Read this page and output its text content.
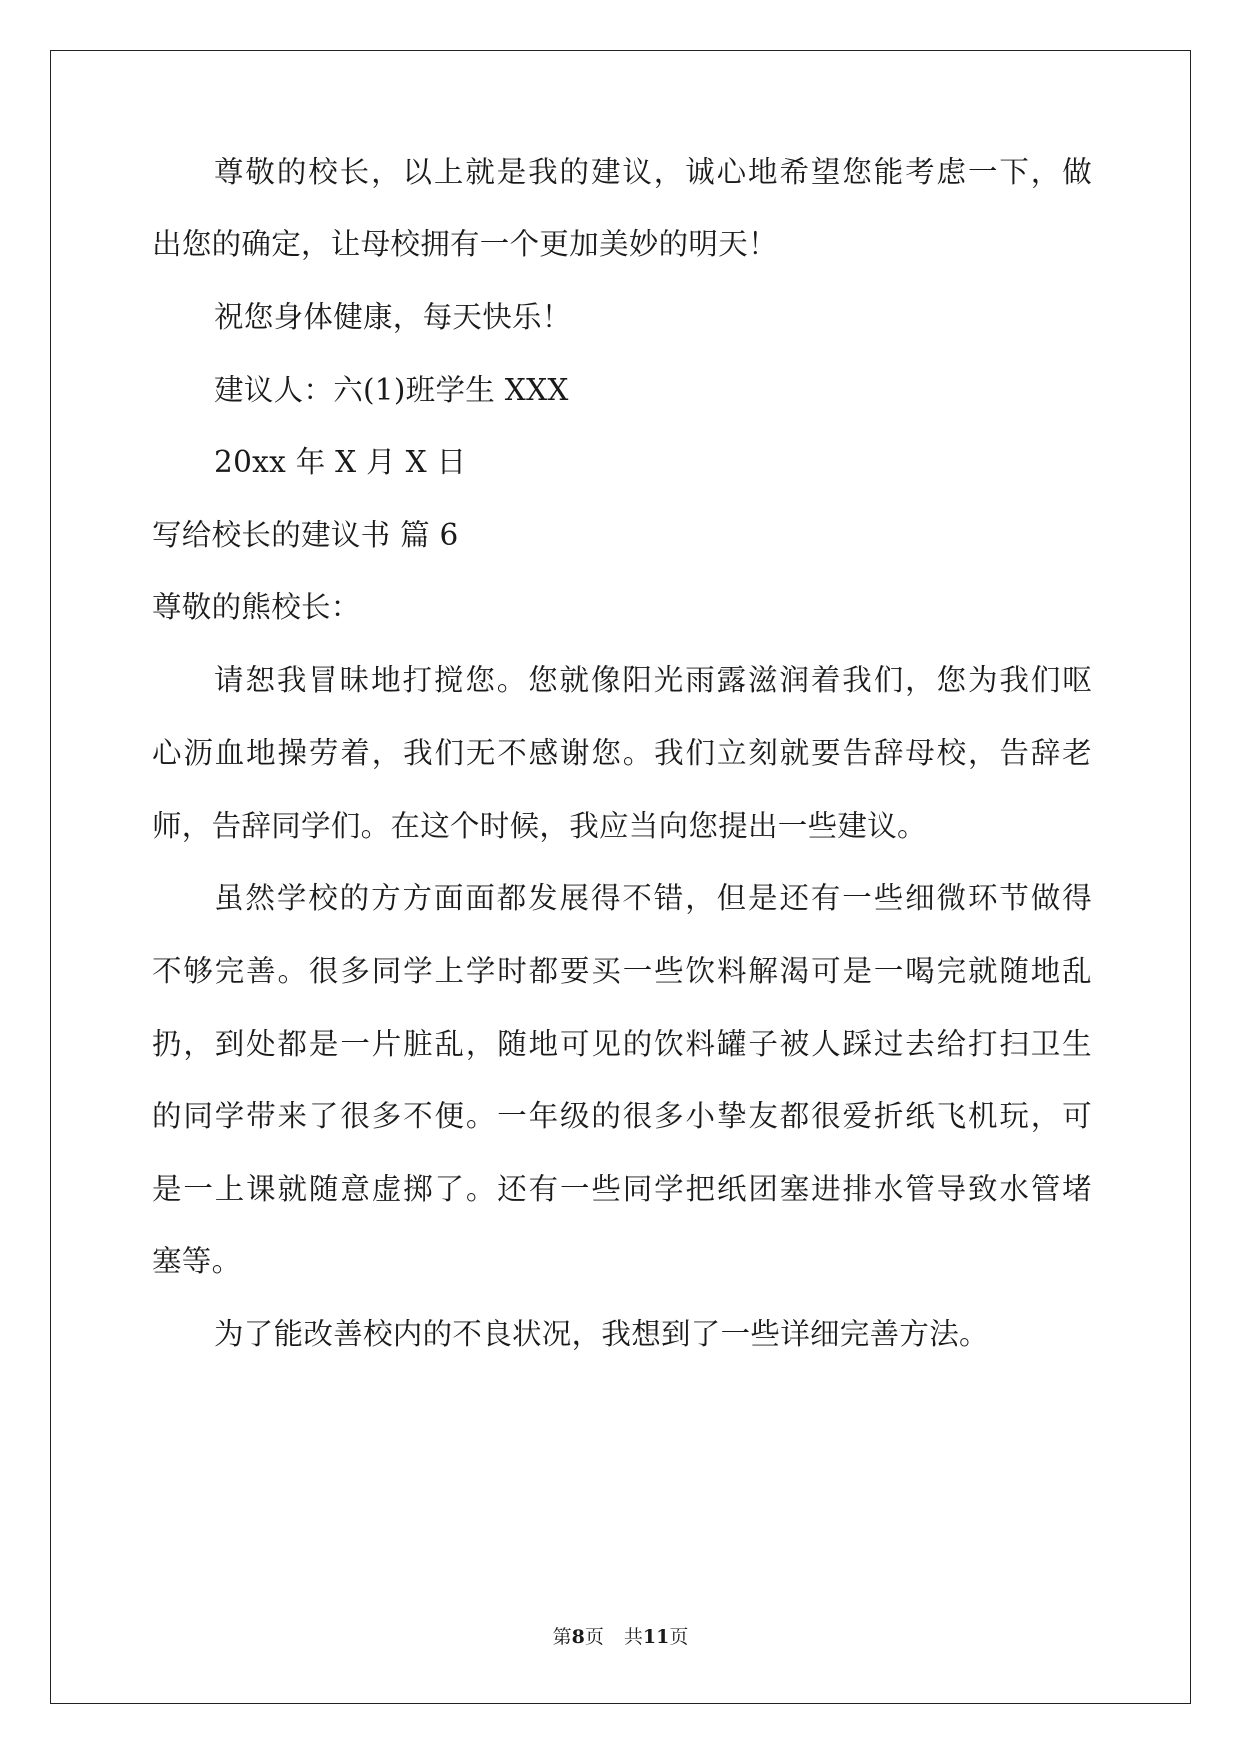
尊敬的校长，以上就是我的建议，诚心地希望您能考虑一下，做
出您的确定，让母校拥有一个更加美妙的明天！
祝您身体健康，每天快乐！
建议人：六(1)班学生 XXX
20xx 年 X 月 X 日
写给校长的建议书 篇 6
尊敬的熊校长：
请恕我冒昧地打搅您。您就像阳光雨露滋润着我们，您为我们呕
心沥血地操劳着，我们无不感谢您。我们立刻就要告辞母校，告辞老
师，告辞同学们。在这个时候，我应当向您提出一些建议。
虽然学校的方方面面都发展得不错，但是还有一些细微环节做得
不够完善。很多同学上学时都要买一些饮料解渴可是一喝完就随地乱
扔，到处都是一片脏乱，随地可见的饮料罐子被人踩过去给打扫卫生
的同学带来了很多不便。一年级的很多小挚友都很爱折纸飞机玩，可
是一上课就随意虚掷了。还有一些同学把纸团塞进排水管导致水管堵
塞等。
为了能改善校内的不良状况，我想到了一些详细完善方法。
第8页 共11页
